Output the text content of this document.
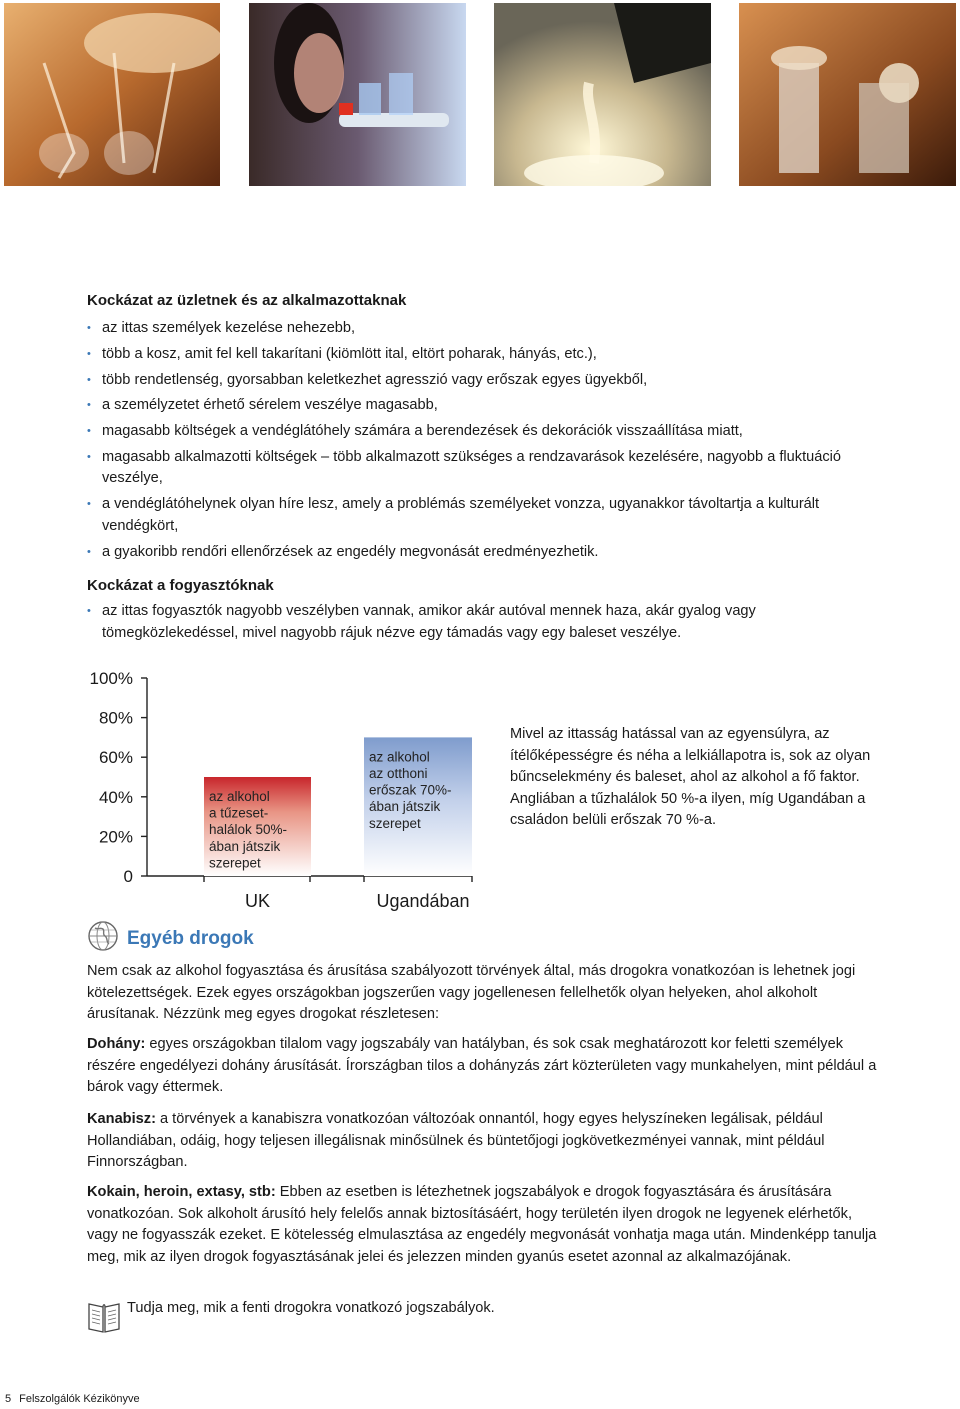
Kockázat az üzletnek és az alkalmazottaknak
• az ittas személyek kezelése nehezebb,
• több a kosz, amit fel kell takarítani (kiömlött ital, eltört poharak, hányás, etc.),
• több rendetlenség, gyorsabban keletkezhet agresszió vagy erőszak egyes ügyekből,
• a személyzetet érhető sérelem veszélye magasabb,
• magasabb költségek a vendéglátóhely számára a berendezések és dekorációk visszaállítása miatt,
• magasabb alkalmazotti költségek – több alkalmazott szükséges a rendzavarások kezelésére, nagyobb a fluktuáció veszélye,
• a vendéglátóhelynek olyan híre lesz, amely a problémás személyeket vonzza, ugyanakkor távoltartja a kulturált vendégkört,
• a gyakoribb rendőri ellenőrzések az engedély megvonását eredményezhetik.
Kockázat a fogyasztóknak
• az ittas fogyasztók nagyobb veszélyben vannak, amikor akár autóval mennek haza, akár gyalog vagy tömegközlekedéssel, mivel nagyobb rájuk nézve egy támadás vagy egy baleset veszélye.
0
20%
40%
60%
80%
100%
az alkohol
a tűzeset-
halálok 50%-
ában játszik
szerepet
UK
az alkohol
az otthoni
erőszak 70%-
ában játszik
szerepet
Ugandában

Mivel az ittasság hatással van az egyensúlyra, az ítélőképességre és néha a lelkiállapotra is, sok az olyan bűncselekmény és baleset, ahol az alkohol a fő faktor. Angliában a tűzhalálok 50 %-a ilyen, míg Ugandában a családon belüli erőszak 70 %-a.

Egyéb drogok

Nem csak az alkohol fogyasztása és árusítása szabályozott törvények által, más drogokra vonatkozóan is lehetnek jogi kötelezettségek. Ezek egyes országokban jogszerűen vagy jogellenesen fellelhetők olyan helyeken, ahol alkoholt árusítanak. Nézzünk meg egyes drogokat részletesen:

Dohány: egyes országokban tilalom vagy jogszabály van hatályban, és sok csak meghatározott kor feletti személyek részére engedélyezi dohány árusítását. Írországban tilos a dohányzás zárt közterületen vagy munkahelyen, mint például a bárok vagy éttermek.

Kanabisz: a törvények a kanabiszra vonatkozóan változóak onnantól, hogy egyes helyszíneken legálisak, például Hollandiában, odáig, hogy teljesen illegálisnak minősülnek és büntetőjogi jogkövetkezményei vannak, mint például Finnországban.

Kokain, heroin, extasy, stb: Ebben az esetben is létezhetnek jogszabályok e drogok fogyasztására és árusítására vonatkozóan. Sok alkoholt árusító hely felelős annak biztosításáért, hogy területén ilyen drogok ne legyenek elérhetők, vagy ne fogyasszák ezeket. E kötelesség elmulasztása az engedély megvonását vonhatja maga után. Mindenképp tanulja meg, mik az ilyen drogok fogyasztásának jelei és jelezzen minden gyanús esetet azonnal az alkalmazójának.

Tudja meg, mik a fenti drogokra vonatkozó jogszabályok.

5 Felszolgálók Kézikönyve
